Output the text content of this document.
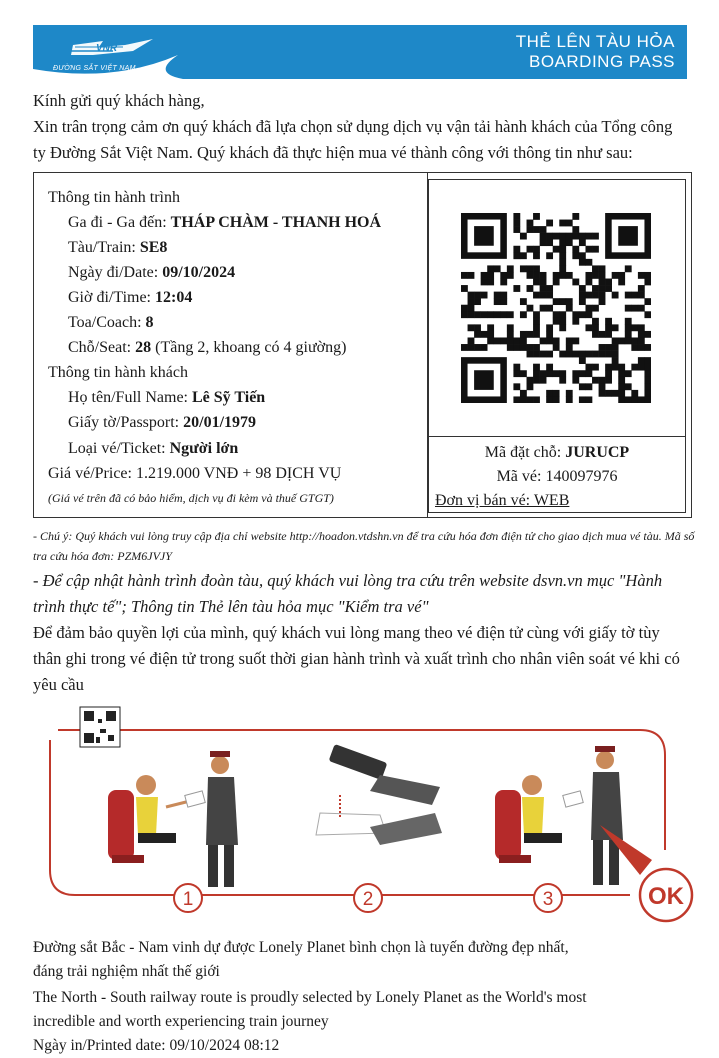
VNR
ĐƯỜNG SẮT VIỆT NAM
THẺ LÊN TÀU HỎA
BOARDING PASS

Kính gửi quý khách hàng,

Xin trân trọng cảm ơn quý khách đã lựa chọn sử dụng dịch vụ vận tải hành khách của Tổng công

ty Đường Sắt Việt Nam. Quý khách đã thực hiện mua vé thành công với thông tin như sau:

Thông tin hành trình
Ga đi - Ga đến: THÁP CHÀM - THANH HOÁ
Tàu/Train: SE8
Ngày đi/Date: 09/10/2024
Giờ đi/Time: 12:04
Toa/Coach: 8
Chỗ/Seat: 28 (Tầng 2, khoang có 4 giường)
Thông tin hành khách
Họ tên/Full Name: Lê Sỹ Tiến
Giấy tờ/Passport: 20/01/1979
Loại vé/Ticket: Người lớn
Giá vé/Price: 1.219.000 VNĐ + 98 DỊCH VỤ
(Giá vé trên đã có bảo hiểm, dịch vụ đi kèm và thuế GTGT)
Mã đặt chỗ: JURUCP
Mã vé: 140097976
Đơn vị bán vé: WEB
- Chú ý: Quý khách vui lòng truy cập địa chỉ website http://hoadon.vtdshn.vn để tra cứu hóa đơn điện tử cho giao dịch mua vé tàu. Mã số tra cứu hóa đơn: PZM6JVJY

- Để cập nhật hành trình đoàn tàu, quý khách vui lòng tra cứu trên website dsvn.vn mục "Hành

trình thực tế"; Thông tin Thẻ lên tàu hỏa mục "Kiểm tra vé"

Để đảm bảo quyền lợi của mình, quý khách vui lòng mang theo vé điện tử cùng với giấy tờ tùy

thân ghi trong vé điện tử trong suốt thời gian hành trình và xuất trình cho nhân viên soát vé khi có

yêu cầu

1	2	3	OK
Đường sắt Bắc - Nam vinh dự được Lonely Planet bình chọn là tuyến đường đẹp nhất,
đáng trải nghiệm nhất thế giới
The North - South railway route is proudly selected by Lonely Planet as the World's most
incredible and worth experiencing train journey
Ngày in/Printed date: 09/10/2024 08:12
